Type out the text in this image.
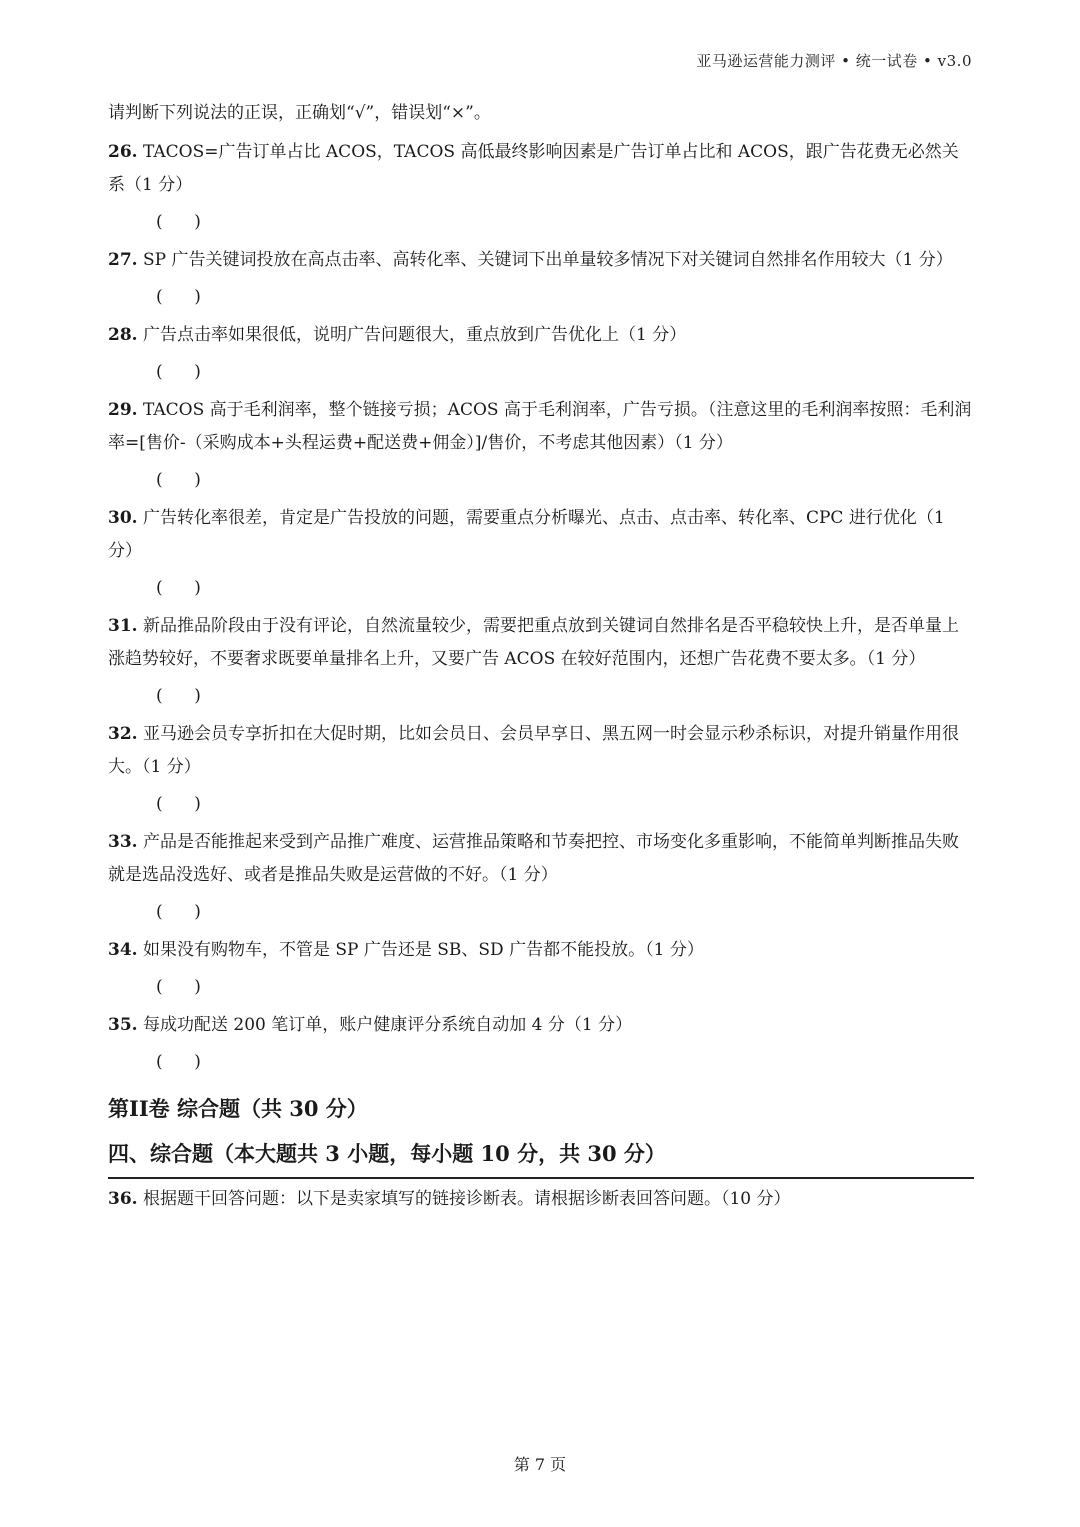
亚马逊运营能力测评 • 统一试卷 • v3.0

请判断下列说法的正误，正确划“√”，错误划“×”。

26. TACOS=广告订单占比 ACOS，TACOS 高低最终影响因素是广告订单占比和 ACOS，跟广告花费无必然关系（1 分）

(    )

27. SP 广告关键词投放在高点击率、高转化率、关键词下出单量较多情况下对关键词自然排名作用较大（1 分）

(    )

28. 广告点击率如果很低，说明广告问题很大，重点放到广告优化上（1 分）

(    )

29. TACOS 高于毛利润率，整个链接亏损；ACOS 高于毛利润率，广告亏损。（注意这里的毛利润率按照：毛利润率=[售价-（采购成本+头程运费+配送费+佣金）]/售价，不考虑其他因素）（1 分）

(    )

30. 广告转化率很差，肯定是广告投放的问题，需要重点分析曝光、点击、点击率、转化率、CPC 进行优化（1 分）

(    )

31. 新品推品阶段由于没有评论，自然流量较少，需要把重点放到关键词自然排名是否平稳较快上升，是否单量上涨趋势较好，不要奢求既要单量排名上升，又要广告 ACOS 在较好范围内，还想广告花费不要太多。（1 分）

(    )

32. 亚马逊会员专享折扣在大促时期，比如会员日、会员早享日、黑五网一时会显示秒杀标识，对提升销量作用很大。（1 分）

(    )

33. 产品是否能推起来受到产品推广难度、运营推品策略和节奏把控、市场变化多重影响，不能简单判断推品失败就是选品没选好、或者是推品失败是运营做的不好。（1 分）

(    )

34. 如果没有购物车，不管是 SP 广告还是 SB、SD 广告都不能投放。（1 分）

(    )

35. 每成功配送 200 笔订单，账户健康评分系统自动加 4 分（1 分）

(    )

第II卷 综合题（共 30 分）
四、综合题（本大题共 3 小题，每小题 10 分，共 30 分）

36. 根据题干回答问题：以下是卖家填写的链接诊断表。请根据诊断表回答问题。（10 分）

第 7 页
